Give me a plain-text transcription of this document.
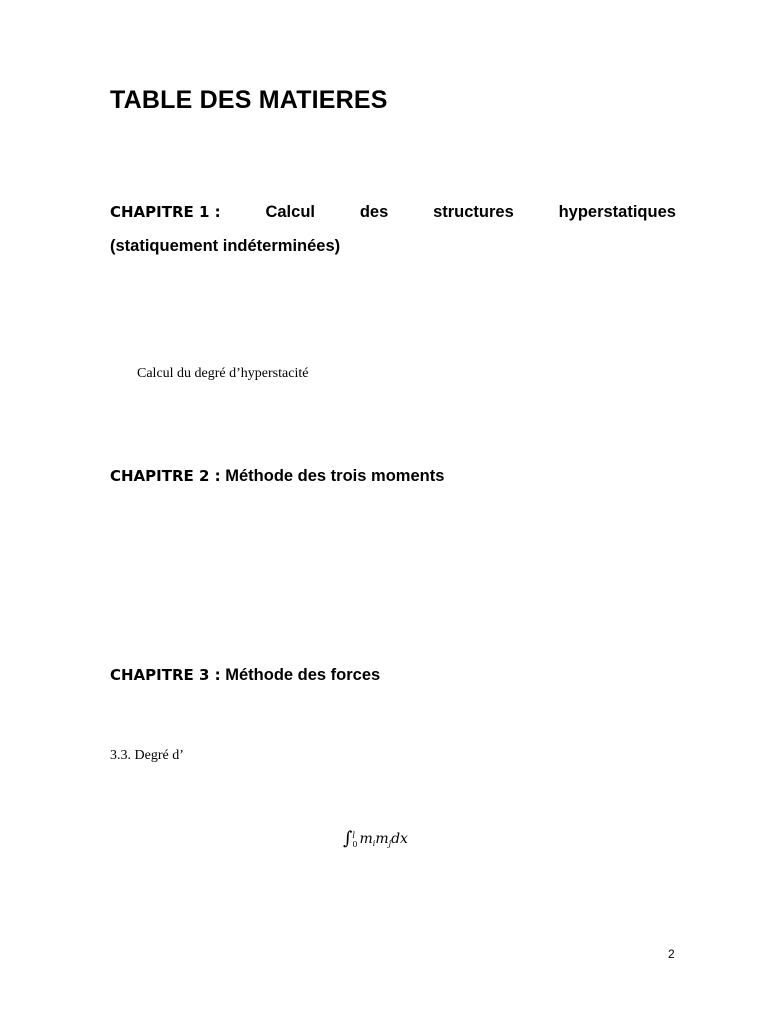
TABLE DES MATIERES
CHAPITRE 1 :	Calcul	des	structures	hyperstatiques
(statiquement indéterminées)
Calcul du degré d’hyperstacité
CHAPITRE 2 : Méthode des trois moments
CHAPITRE 3 : Méthode des forces
3.3. Degré d’
∫ l
0 $m_i$ $m_j$ dx
2
